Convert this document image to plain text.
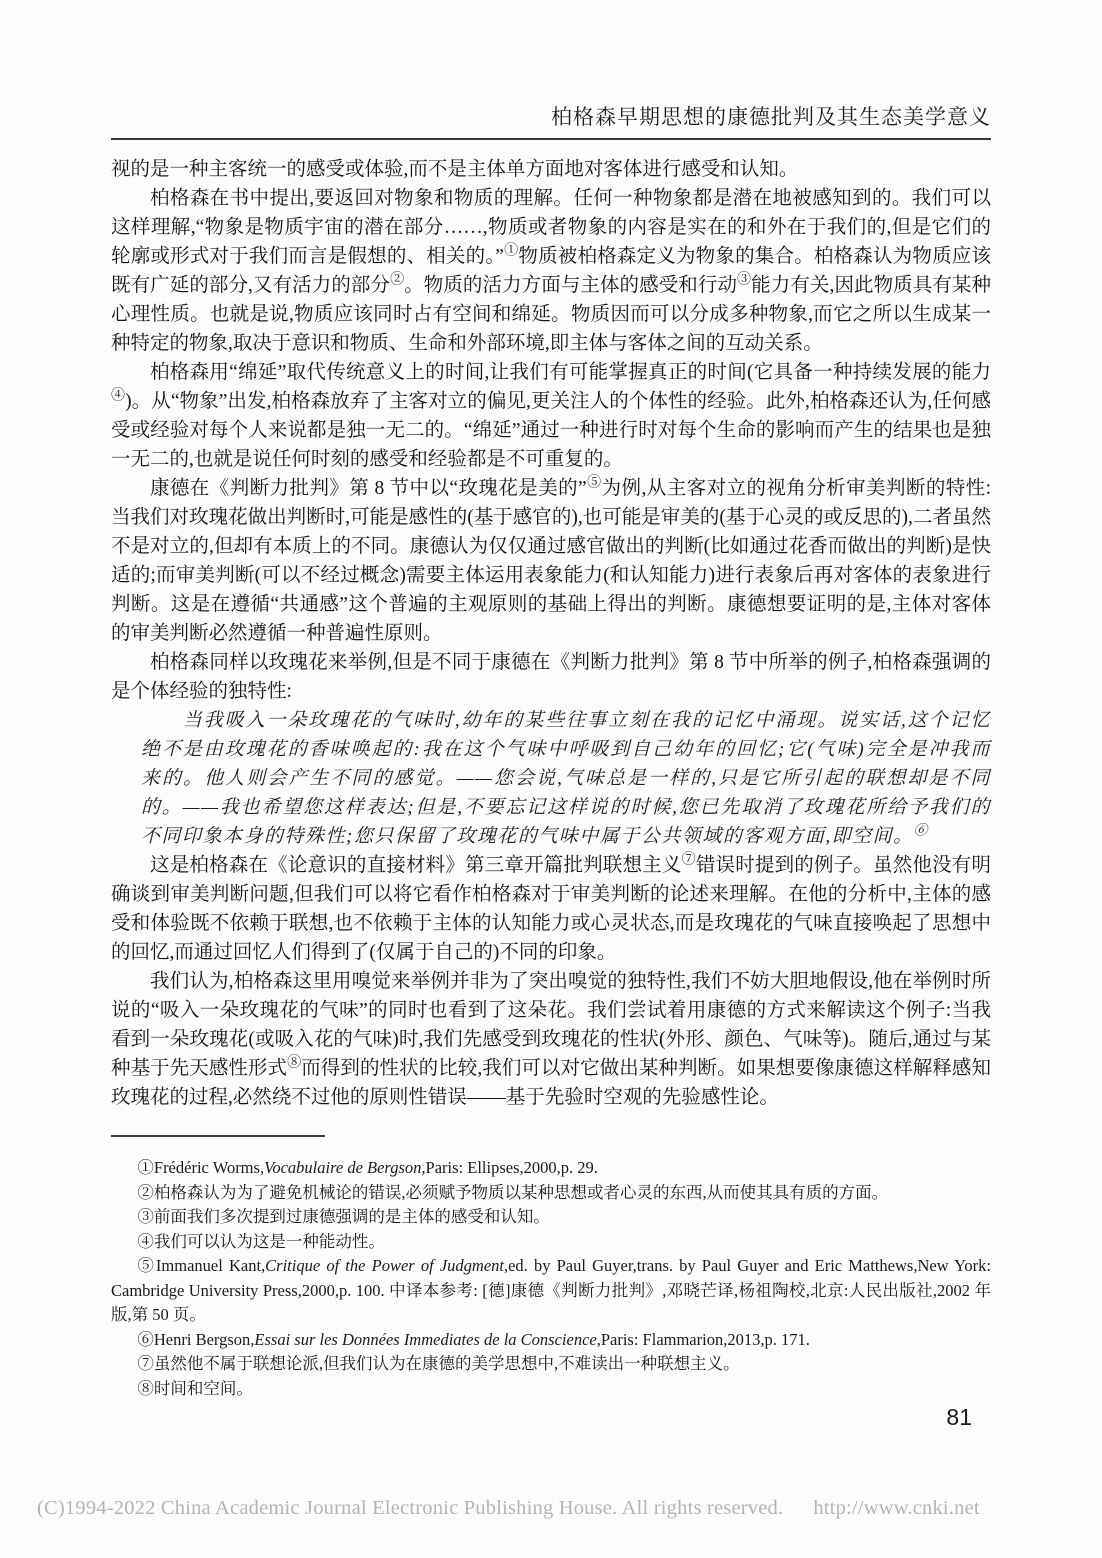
柏格森早期思想的康德批判及其生态美学意义

视的是一种主客统一的感受或体验,而不是主体单方面地对客体进行感受和认知。

柏格森在书中提出,要返回对物象和物质的理解。任何一种物象都是潜在地被感知到的。我们可以这样理解,“物象是物质宇宙的潜在部分……,物质或者物象的内容是实在的和外在于我们的,但是它们的轮廓或形式对于我们而言是假想的、相关的。”①物质被柏格森定义为物象的集合。柏格森认为物质应该既有广延的部分,又有活力的部分②。物质的活力方面与主体的感受和行动③能力有关,因此物质具有某种心理性质。也就是说,物质应该同时占有空间和绵延。物质因而可以分成多种物象,而它之所以生成某一种特定的物象,取决于意识和物质、生命和外部环境,即主体与客体之间的互动关系。

柏格森用“绵延”取代传统意义上的时间,让我们有可能掌握真正的时间(它具备一种持续发展的能力④)。从“物象”出发,柏格森放弃了主客对立的偏见,更关注人的个体性的经验。此外,柏格森还认为,任何感受或经验对每个人来说都是独一无二的。“绵延”通过一种进行时对每个生命的影响而产生的结果也是独一无二的,也就是说任何时刻的感受和经验都是不可重复的。

康德在《判断力批判》第 8 节中以“玫瑰花是美的”⑤为例,从主客对立的视角分析审美判断的特性:当我们对玫瑰花做出判断时,可能是感性的(基于感官的),也可能是审美的(基于心灵的或反思的),二者虽然不是对立的,但却有本质上的不同。康德认为仅仅通过感官做出的判断(比如通过花香而做出的判断)是快适的;而审美判断(可以不经过概念)需要主体运用表象能力(和认知能力)进行表象后再对客体的表象进行判断。这是在遵循“共通感”这个普遍的主观原则的基础上得出的判断。康德想要证明的是,主体对客体的审美判断必然遵循一种普遍性原则。

柏格森同样以玫瑰花来举例,但是不同于康德在《判断力批判》第 8 节中所举的例子,柏格森强调的是个体经验的独特性:

当我吸入一朵玫瑰花的气味时,幼年的某些往事立刻在我的记忆中涌现。说实话,这个记忆绝不是由玫瑰花的香味唤起的:我在这个气味中呼吸到自己幼年的回忆;它(气味)完全是冲我而来的。他人则会产生不同的感觉。——您会说,气味总是一样的,只是它所引起的联想却是不同的。——我也希望您这样表达;但是,不要忘记这样说的时候,您已先取消了玫瑰花所给予我们的不同印象本身的特殊性;您只保留了玫瑰花的气味中属于公共领域的客观方面,即空间。⑥

这是柏格森在《论意识的直接材料》第三章开篇批判联想主义⑦错误时提到的例子。虽然他没有明确谈到审美判断问题,但我们可以将它看作柏格森对于审美判断的论述来理解。在他的分析中,主体的感受和体验既不依赖于联想,也不依赖于主体的认知能力或心灵状态,而是玫瑰花的气味直接唤起了思想中的回忆,而通过回忆人们得到了(仅属于自己的)不同的印象。

我们认为,柏格森这里用嗅觉来举例并非为了突出嗅觉的独特性,我们不妨大胆地假设,他在举例时所说的“吸入一朵玫瑰花的气味”的同时也看到了这朵花。我们尝试着用康德的方式来解读这个例子:当我看到一朵玫瑰花(或吸入花的气味)时,我们先感受到玫瑰花的性状(外形、颜色、气味等)。随后,通过与某种基于先天感性形式⑧而得到的性状的比较,我们可以对它做出某种判断。如果想要像康德这样解释感知玫瑰花的过程,必然绕不过他的原则性错误——基于先验时空观的先验感性论。

①Frédéric Worms,Vocabulaire de Bergson,Paris: Ellipses,2000,p. 29.

②柏格森认为为了避免机械论的错误,必须赋予物质以某种思想或者心灵的东西,从而使其具有质的方面。

③前面我们多次提到过康德强调的是主体的感受和认知。

④我们可以认为这是一种能动性。

⑤Immanuel Kant,Critique of the Power of Judgment,ed. by Paul Guyer,trans. by Paul Guyer and Eric Matthews,New York: Cambridge University Press,2000,p. 100. 中译本参考: [德]康德《判断力批判》,邓晓芒译,杨祖陶校,北京:人民出版社,2002 年版,第 50 页。

⑥Henri Bergson,Essai sur les Données Immediates de la Conscience,Paris: Flammarion,2013,p. 171.

⑦虽然他不属于联想论派,但我们认为在康德的美学思想中,不难读出一种联想主义。

⑧时间和空间。

81
(C)1994-2022 China Academic Journal Electronic Publishing House. All rights reserved. http://www.cnki.net
